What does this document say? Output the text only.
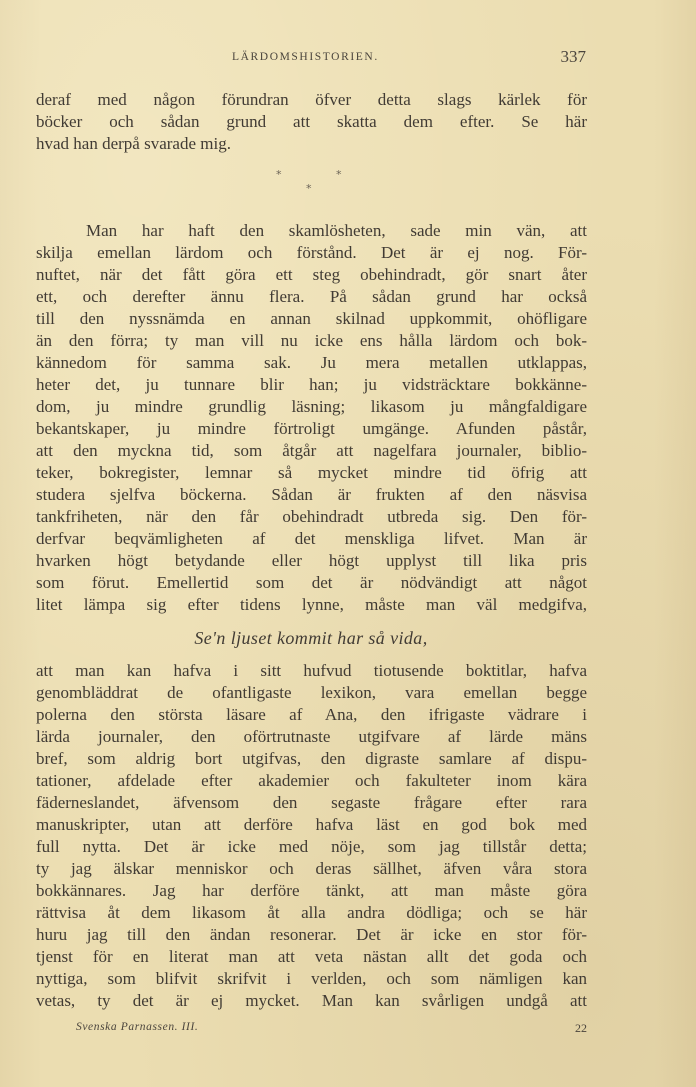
LÄRDOMSHISTORIEN.	337
deraf med någon förundran öfver detta slags kärlek för
böcker och sådan grund att skatta dem efter. Se här
hvad han derpå svarade mig.
*	*
*
Man har haft den skamlösheten, sade min vän, att
skilja emellan lärdom och förstånd. Det är ej nog. För-
nuftet, när det fått göra ett steg obehindradt, gör snart åter
ett, och derefter ännu flera. På sådan grund har också
till den nyssnämda en annan skilnad uppkommit, ohöfligare
än den förra; ty man vill nu icke ens hålla lärdom och bok-
kännedom för samma sak. Ju mera metallen utklappas,
heter det, ju tunnare blir han; ju vidsträcktare bokkänne-
dom, ju mindre grundlig läsning; likasom ju mångfaldigare
bekantskaper, ju mindre förtroligt umgänge. Afunden påstår,
att den myckna tid, som åtgår att nagelfara journaler, biblio-
teker, bokregister, lemnar så mycket mindre tid öfrig att
studera sjelfva böckerna. Sådan är frukten af den näsvisa
tankfriheten, när den får obehindradt utbreda sig. Den för-
derfvar beqvämligheten af det menskliga lifvet. Man är
hvarken högt betydande eller högt upplyst till lika pris
som förut. Emellertid som det är nödvändigt att något
litet lämpa sig efter tidens lynne, måste man väl medgifva,
Se'n ljuset kommit har så vida,
att man kan hafva i sitt hufvud tiotusende boktitlar, hafva
genombläddrat de ofantligaste lexikon, vara emellan begge
polerna den största läsare af Ana, den ifrigaste vädrare i
lärda journaler, den oförtrutnaste utgifvare af lärde mäns
bref, som aldrig bort utgifvas, den digraste samlare af dispu-
tationer, afdelade efter akademier och fakulteter inom kära
fäderneslandet, äfvensom den segaste frågare efter rara
manuskripter, utan att derföre hafva läst en god bok med
full nytta. Det är icke med nöje, som jag tillstår detta;
ty jag älskar menniskor och deras sällhet, äfven våra stora
bokkännares. Jag har derföre tänkt, att man måste göra
rättvisa åt dem likasom åt alla andra dödliga; och se här
huru jag till den ändan resonerar. Det är icke en stor för-
tjenst för en literat man att veta nästan allt det goda och
nyttiga, som blifvit skrifvit i verlden, och som nämligen kan
vetas, ty det är ej mycket. Man kan svårligen undgå att
Svenska Parnassen. III.	22
